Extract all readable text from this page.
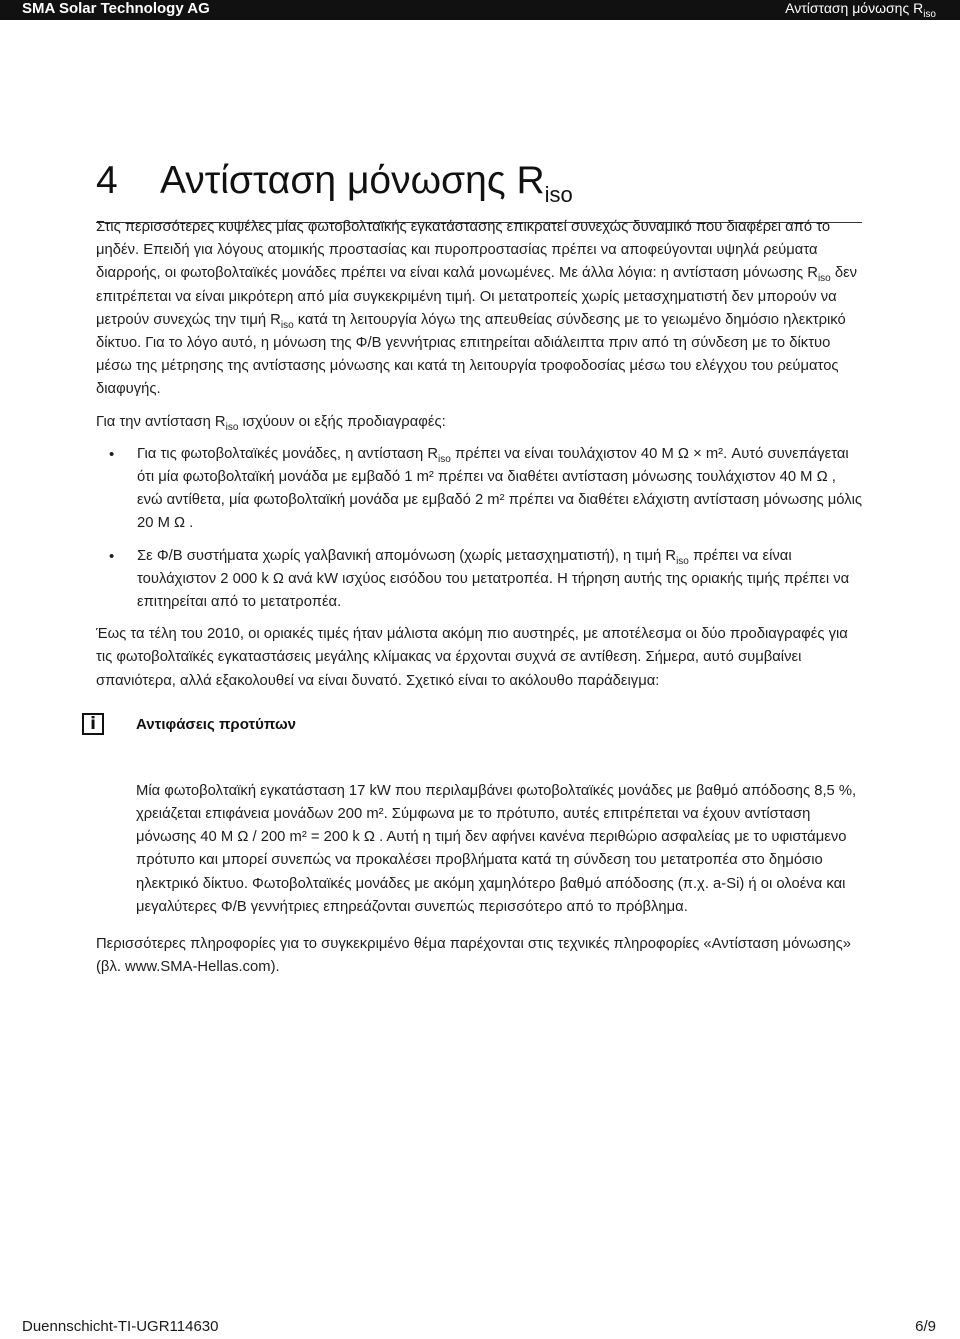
SMA Solar Technology AG	Αντίσταση μόνωσης $R_{iso}$
4 Αντίσταση μόνωσης $R_{iso}$

Στις περισσότερες κυψέλες μίας φωτοβολταϊκής εγκατάστασης επικρατεί συνεχώς δυναμικό που διαφέρει από το μηδέν. Επειδή για λόγους ατομικής προστασίας και πυροπροστασίας πρέπει να αποφεύγονται υψηλά ρεύματα διαρροής, οι φωτοβολταϊκές μονάδες πρέπει να είναι καλά μονωμένες. Με άλλα λόγια: η αντίσταση μόνωσης $R_{iso}$ δεν επιτρέπεται να είναι μικρότερη από μία συγκεκριμένη τιμή. Οι μετατροπείς χωρίς μετασχηματιστή δεν μπορούν να μετρούν συνεχώς την τιμή $R_{iso}$ κατά τη λειτουργία λόγω της απευθείας σύνδεσης με το γειωμένο δημόσιο ηλεκτρικό δίκτυο. Για το λόγο αυτό, η μόνωση της Φ/Β γεννήτριας επιτηρείται αδιάλειπτα πριν από τη σύνδεση με το δίκτυο μέσω της μέτρησης της αντίστασης μόνωσης και κατά τη λειτουργία τροφοδοσίας μέσω του ελέγχου του ρεύματος διαφυγής.

Για την αντίσταση $R_{iso}$ ισχύουν οι εξής προδιαγραφές:

• Για τις φωτοβολταϊκές μονάδες, η αντίσταση $R_{iso}$ πρέπει να είναι τουλάχιστον 40 M Ω × m². Αυτό συνεπάγεται ότι μία φωτοβολταϊκή μονάδα με εμβαδό 1 m² πρέπει να διαθέτει αντίσταση μόνωσης τουλάχιστον 40 M Ω , ενώ αντίθετα, μία φωτοβολταϊκή μονάδα με εμβαδό 2 m² πρέπει να διαθέτει ελάχιστη αντίσταση μόνωσης μόλις 20 M Ω .
• Σε Φ/Β συστήματα χωρίς γαλβανική απομόνωση (χωρίς μετασχηματιστή), η τιμή $R_{iso}$ πρέπει να είναι τουλάχιστον 2 000 k Ω ανά kW ισχύος εισόδου του μετατροπέα. Η τήρηση αυτής της οριακής τιμής πρέπει να επιτηρείται από το μετατροπέα.

Έως τα τέλη του 2010, οι οριακές τιμές ήταν μάλιστα ακόμη πιο αυστηρές, με αποτέλεσμα οι δύο προδιαγραφές για τις φωτοβολταϊκές εγκαταστάσεις μεγάλης κλίμακας να έρχονται συχνά σε αντίθεση. Σήμερα, αυτό συμβαίνει σπανιότερα, αλλά εξακολουθεί να είναι δυνατό. Σχετικό είναι το ακόλουθο παράδειγμα:

i	Αντιφάσεις προτύπων

Μία φωτοβολταϊκή εγκατάσταση 17 kW που περιλαμβάνει φωτοβολταϊκές μονάδες με βαθμό απόδοσης 8,5 %, χρειάζεται επιφάνεια μονάδων 200 m². Σύμφωνα με το πρότυπο, αυτές επιτρέπεται να έχουν αντίσταση μόνωσης 40 M Ω / 200 m² = 200 k Ω . Αυτή η τιμή δεν αφήνει κανένα περιθώριο ασφαλείας με το υφιστάμενο πρότυπο και μπορεί συνεπώς να προκαλέσει προβλήματα κατά τη σύνδεση του μετατροπέα στο δημόσιο ηλεκτρικό δίκτυο. Φωτοβολταϊκές μονάδες με ακόμη χαμηλότερο βαθμό απόδοσης (π.χ. a-Si) ή οι ολοένα και μεγαλύτερες Φ/Β γεννήτριες επηρεάζονται συνεπώς περισσότερο από το πρόβλημα.

Περισσότερες πληροφορίες για το συγκεκριμένο θέμα παρέχονται στις τεχνικές πληροφορίες «Αντίσταση μόνωσης» (βλ. www.SMA-Hellas.com).

Duennschicht-TI-UGR114630	6/9
